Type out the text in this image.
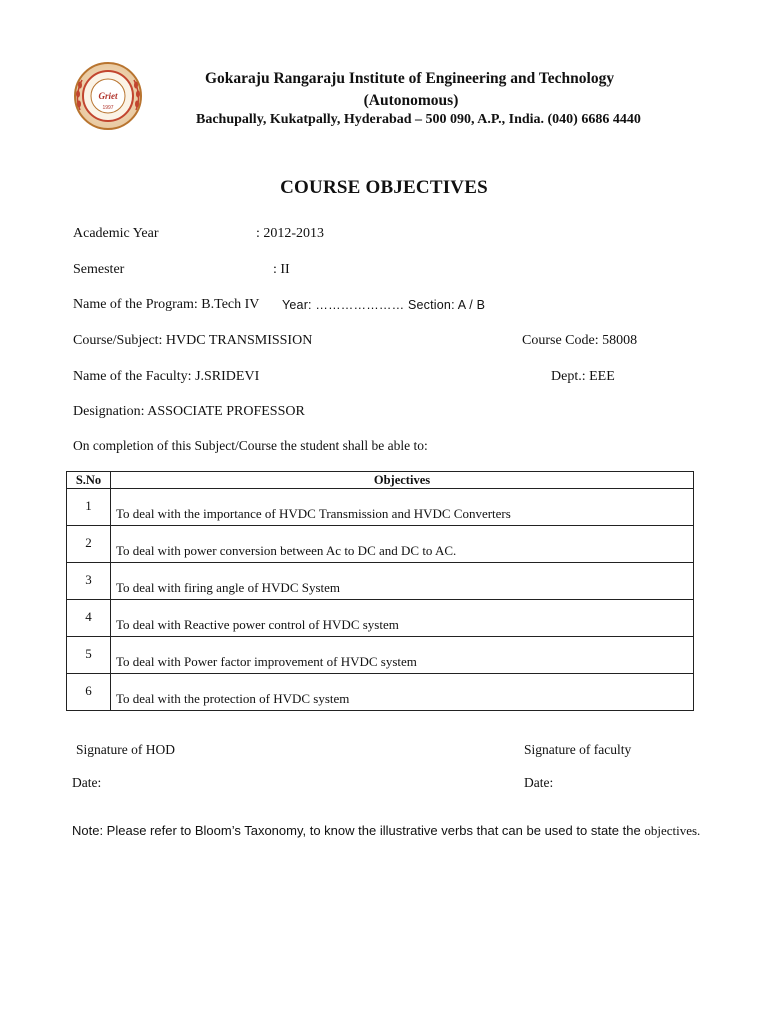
Griet
1997
Gokaraju Rangaraju Institute of Engineering and Technology
(Autonomous)
Bachupally, Kukatpally, Hyderabad – 500 090, A.P., India. (040) 6686 4440
COURSE OBJECTIVES
Academic Year	: 2012-2013
Semester	: II
Name of the Program: B.Tech IV Year: ………………… Section: A / B
Course/Subject: HVDC TRANSMISSION	Course Code: 58008
Name of the Faculty: J.SRIDEVI	Dept.: EEE
Designation: ASSOCIATE PROFESSOR
On completion of this Subject/Course the student shall be able to:
S.No	Objectives
1	To deal with the importance of HVDC Transmission and HVDC Converters
2	To deal with power conversion between Ac to DC and DC to AC.
3	To deal with firing angle of HVDC System
4	To deal with Reactive power control of HVDC system
5	To deal with Power factor improvement of HVDC system
6	To deal with the protection of HVDC system
Signature of HOD	Signature of faculty
Date:	Date:
Note: Please refer to Bloom’s Taxonomy, to know the illustrative verbs that can be used to state the objectives.
